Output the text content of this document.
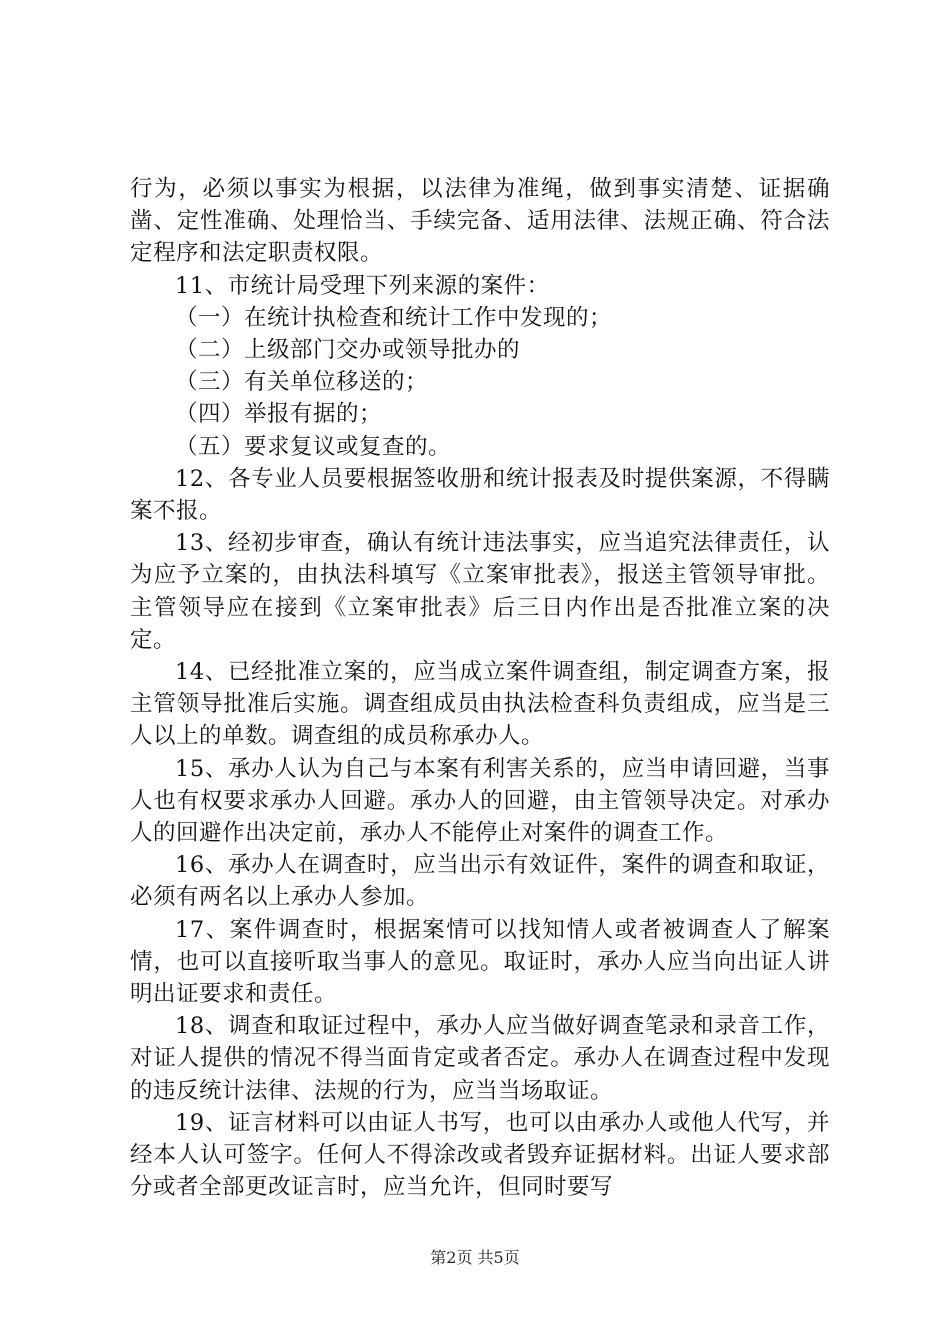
行为，必须以事实为根据，以法律为准绳，做到事实清楚、证据确凿、定性准确、处理恰当、手续完备、适用法律、法规正确、符合法定程序和法定职责权限。

11、市统计局受理下列来源的案件：

（一）在统计执检查和统计工作中发现的；

（二）上级部门交办或领导批办的

（三）有关单位移送的；

（四）举报有据的；

（五）要求复议或复查的。

12、各专业人员要根据签收册和统计报表及时提供案源，不得瞒案不报。

13、经初步审查，确认有统计违法事实，应当追究法律责任，认为应予立案的，由执法科填写《立案审批表》，报送主管领导审批。主管领导应在接到《立案审批表》后三日内作出是否批准立案的决定。

14、已经批准立案的，应当成立案件调查组，制定调查方案，报主管领导批准后实施。调查组成员由执法检查科负责组成，应当是三人以上的单数。调查组的成员称承办人。

15、承办人认为自己与本案有利害关系的，应当申请回避，当事人也有权要求承办人回避。承办人的回避，由主管领导决定。对承办人的回避作出决定前，承办人不能停止对案件的调查工作。

16、承办人在调查时，应当出示有效证件，案件的调查和取证，必须有两名以上承办人参加。

17、案件调查时，根据案情可以找知情人或者被调查人了解案情，也可以直接听取当事人的意见。取证时，承办人应当向出证人讲明出证要求和责任。

18、调查和取证过程中，承办人应当做好调查笔录和录音工作，对证人提供的情况不得当面肯定或者否定。承办人在调查过程中发现的违反统计法律、法规的行为，应当当场取证。

19、证言材料可以由证人书写，也可以由承办人或他人代写，并经本人认可签字。任何人不得涂改或者毁弃证据材料。出证人要求部分或者全部更改证言时，应当允许，但同时要写

第2页 共5页
